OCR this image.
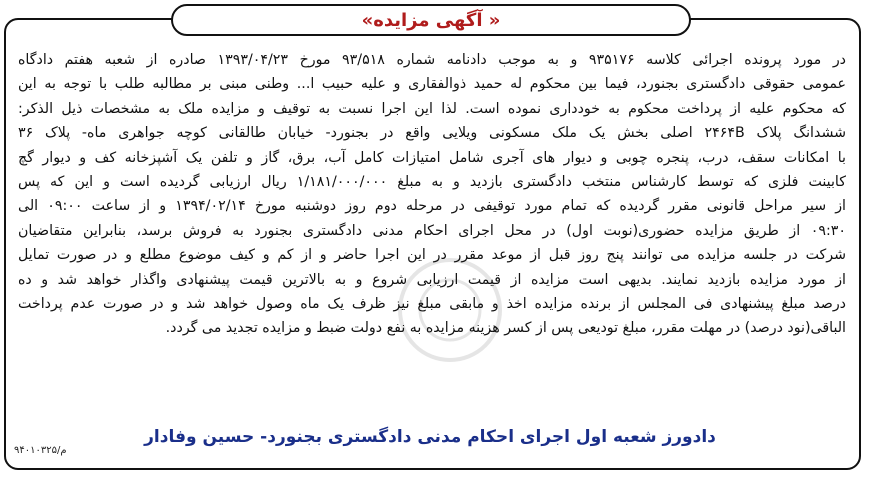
« آگهی مزایده»
در مورد پرونده اجرائی کلاسه ۹۳۵۱۷۶ و به موجب دادنامه شماره ۹۳/۵۱۸ مورخ ۱۳۹۳/۰۴/۲۳ صادره از شعبه هفتم دادگاه
عمومی حقوقی دادگستری بجنورد، فیما بین محکوم له حمید ذوالفقاری و علیه حبیب ا... وطنی مبنی بر مطالبه طلب با توجه به این
که محکوم علیه از پرداخت محکوم به خودداری نموده است. لذا این اجرا نسبت به توقیف و مزایده ملک به مشخصات ذیل الذکر:
ششدانگ پلاک ۲۴۶۴B اصلی بخش یک ملک مسکونی ویلایی واقع در بجنورد- خیابان طالقانی کوچه جواهری ماه- پلاک ۳۶
با امکانات سقف، درب، پنجره چوبی و دیوار های آجری شامل امتیازات کامل آب، برق، گاز و تلفن یک آشپزخانه کف و دیوار گچ
کابینت فلزی که توسط کارشناس منتخب دادگستری بازدید و به مبلغ ۱/۱۸۱/۰۰۰/۰۰۰ ریال ارزیابی گردیده است و این که پس
از سیر مراحل قانونی مقرر گردیده که تمام مورد توقیفی در مرحله دوم روز دوشنبه مورخ ۱۳۹۴/۰۲/۱۴ و از ساعت ۰۹:۰۰ الی
۰۹:۳۰ از طریق مزایده حضوری(نوبت اول) در محل اجرای احکام مدنی دادگستری بجنورد به فروش برسد، بنابراین متقاضیان
شرکت در جلسه مزایده می توانند پنج روز قبل از موعد مقرر در این اجرا حاضر و از کم و کیف موضوع مطلع و در صورت تمایل
از مورد مزایده بازدید نمایند. بدیهی است مزایده از قیمت ارزیابی شروع و به بالاترین قیمت پیشنهادی واگذار خواهد شد و ده
درصد مبلغ پیشنهادی فی المجلس از برنده مزایده اخذ و مابقی مبلغ نیز ظرف یک ماه وصول خواهد شد و در صورت عدم پرداخت
الباقی(نود درصد) در مهلت مقرر، مبلغ تودیعی پس از کسر هزینه مزایده به نفع دولت ضبط و مزایده تجدید می گردد.
دادورز شعبه اول اجرای احکام مدنی دادگستری بجنورد- حسین وفادار
م/۹۴۰۱۰۳۲۵
